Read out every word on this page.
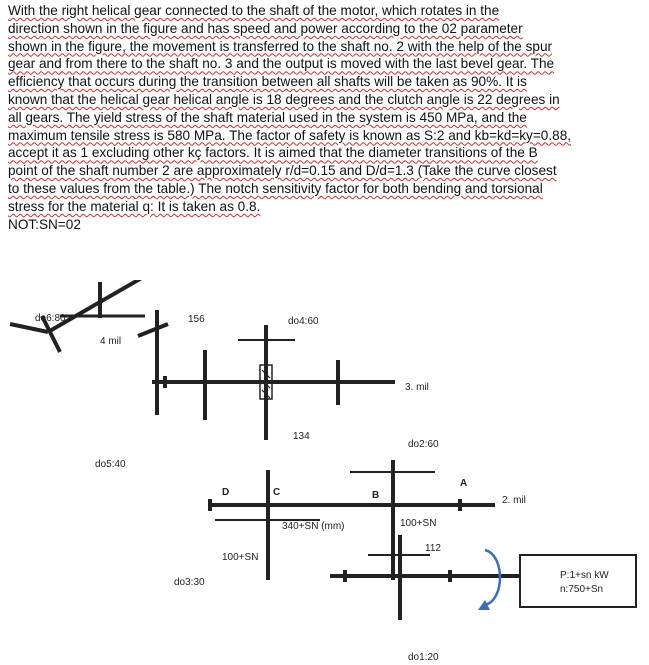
With the right helical gear connected to the shaft of the motor, which rotates in the

direction shown in the figure and has speed and power according to the 02 parameter

shown in the figure, the movement is transferred to the shaft no. 2 with the help of the spur

gear and from there to the shaft no. 3 and the output is moved with the last bevel gear. The

efficiency that occurs during the transition between all shafts will be taken as 90%. It is

known that the helical gear helical angle is 18 degrees and the clutch angle is 22 degrees in

all gears. The yield stress of the shaft material used in the system is 450 MPa, and the

maximum tensile stress is 580 MPa. The factor of safety is known as S:2 and kb=kd=ky=0.88,

accept it as 1 excluding other kç factors. It is aimed that the diameter transitions of the B

point of the shaft number 2 are approximately r/d=0.15 and D/d=1.3 (Take the curve closest

to these values from the table.) The notch sensitivity factor for both bending and torsional

stress for the material q: It is taken as 0.8.

NOT:SN=02

do6:80
4 mil
156	do4:60
3. mil
134
do2:60
do5:40
A
B
C
D
2. mil
340+SN (mm)	100+SN
112
100+SN
do3:30
P:1+sn kW
n:750+Sn
do1:20
